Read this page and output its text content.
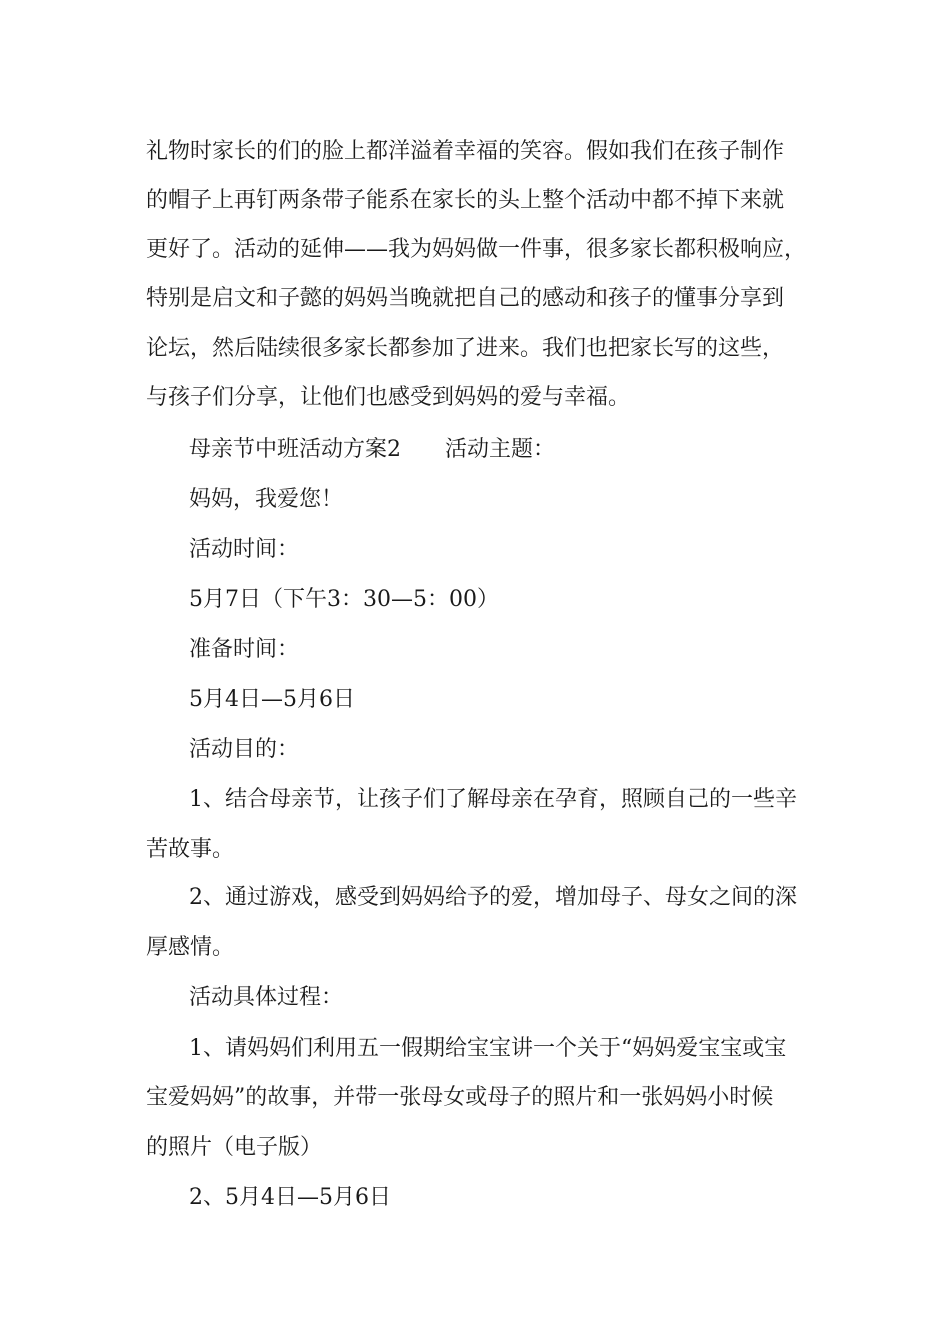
礼物时家长的们的脸上都洋溢着幸福的笑容。假如我们在孩子制作

的帽子上再钉两条带子能系在家长的头上整个活动中都不掉下来就

更好了。活动的延伸——我为妈妈做一件事，很多家长都积极响应，

特别是启文和子懿的妈妈当晚就把自己的感动和孩子的懂事分享到

论坛，然后陆续很多家长都参加了进来。我们也把家长写的这些，

与孩子们分享，让他们也感受到妈妈的爱与幸福。

母亲节中班活动方案2　　活动主题：

妈妈，我爱您！

活动时间：

5月7日（下午3：30—5：00）

准备时间：

5月4日—5月6日

活动目的：

1、结合母亲节，让孩子们了解母亲在孕育，照顾自己的一些辛

苦故事。

2、通过游戏，感受到妈妈给予的爱，增加母子、母女之间的深

厚感情。

活动具体过程：

1、请妈妈们利用五一假期给宝宝讲一个关于“妈妈爱宝宝或宝

宝爱妈妈”的故事，并带一张母女或母子的照片和一张妈妈小时候

的照片（电子版）

2、5月4日—5月6日
